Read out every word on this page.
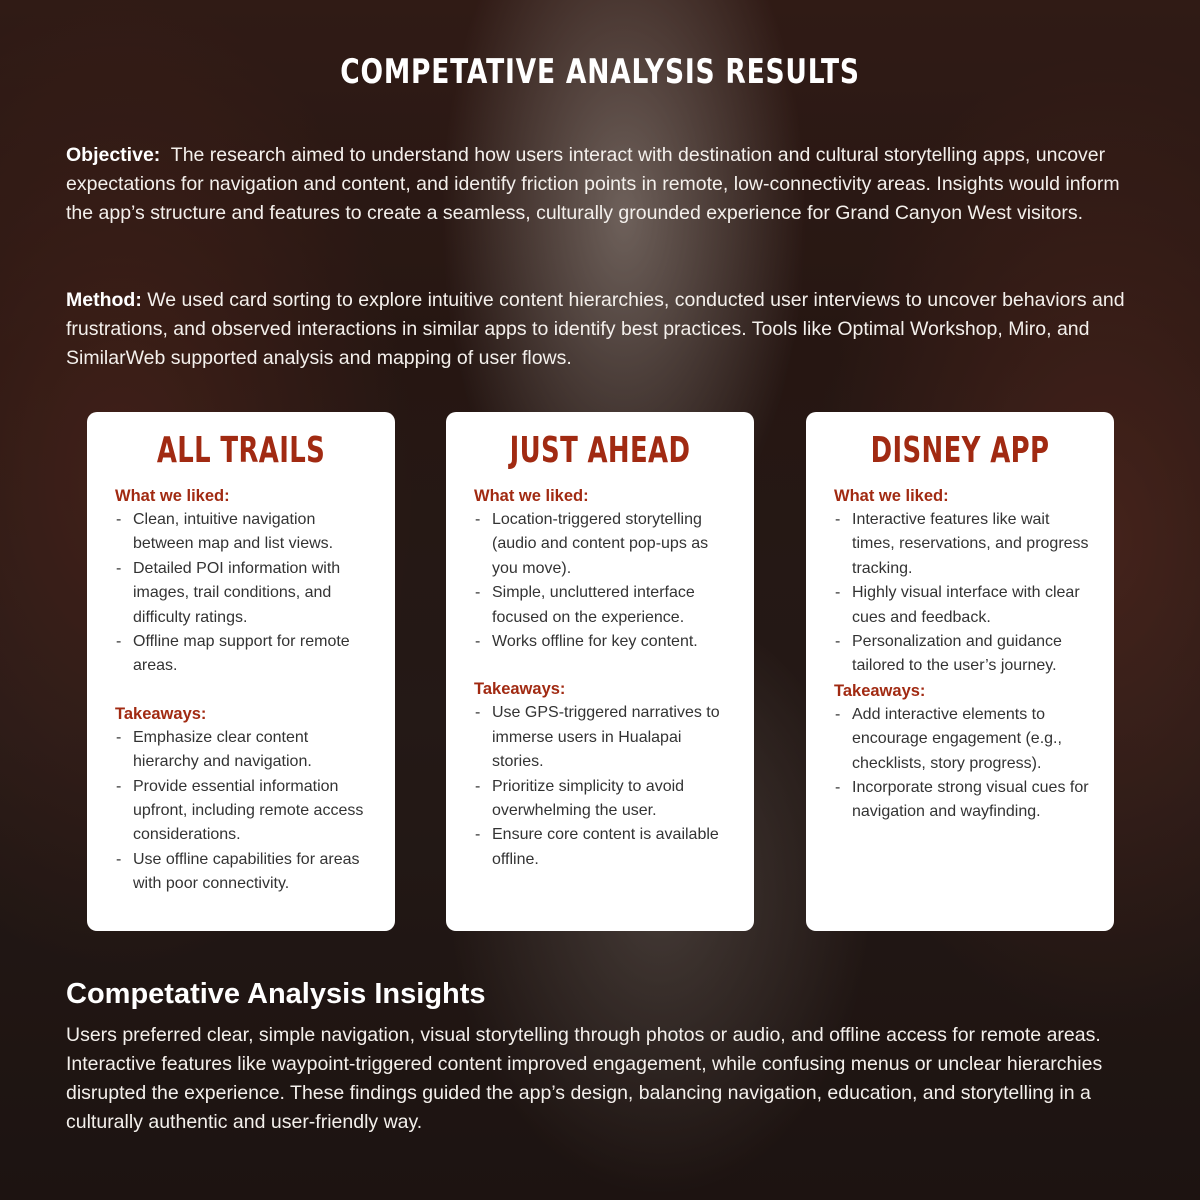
COMPETATIVE ANALYSIS RESULTS
Objective: The research aimed to understand how users interact with destination and cultural storytelling apps, uncover expectations for navigation and content, and identify friction points in remote, low-connectivity areas. Insights would inform the app’s structure and features to create a seamless, culturally grounded experience for Grand Canyon West visitors.
Method: We used card sorting to explore intuitive content hierarchies, conducted user interviews to uncover behaviors and frustrations, and observed interactions in similar apps to identify best practices. Tools like Optimal Workshop, Miro, and SimilarWeb supported analysis and mapping of user flows.
ALL TRAILS
What we liked:
- Clean, intuitive navigation between map and list views.
- Detailed POI information with images, trail conditions, and difficulty ratings.
- Offline map support for remote areas.
Takeaways:
- Emphasize clear content hierarchy and navigation.
- Provide essential information upfront, including remote access considerations.
- Use offline capabilities for areas with poor connectivity.
JUST AHEAD
What we liked:
- Location-triggered storytelling (audio and content pop-ups as you move).
- Simple, uncluttered interface focused on the experience.
- Works offline for key content.
Takeaways:
- Use GPS-triggered narratives to immerse users in Hualapai stories.
- Prioritize simplicity to avoid overwhelming the user.
- Ensure core content is available offline.
DISNEY APP
What we liked:
- Interactive features like wait times, reservations, and progress tracking.
- Highly visual interface with clear cues and feedback.
- Personalization and guidance tailored to the user’s journey.
Takeaways:
- Add interactive elements to encourage engagement (e.g., checklists, story progress).
- Incorporate strong visual cues for navigation and wayfinding.
Competative Analysis Insights
Users preferred clear, simple navigation, visual storytelling through photos or audio, and offline access for remote areas. Interactive features like waypoint-triggered content improved engagement, while confusing menus or unclear hierarchies disrupted the experience. These findings guided the app’s design, balancing navigation, education, and storytelling in a culturally authentic and user-friendly way.
